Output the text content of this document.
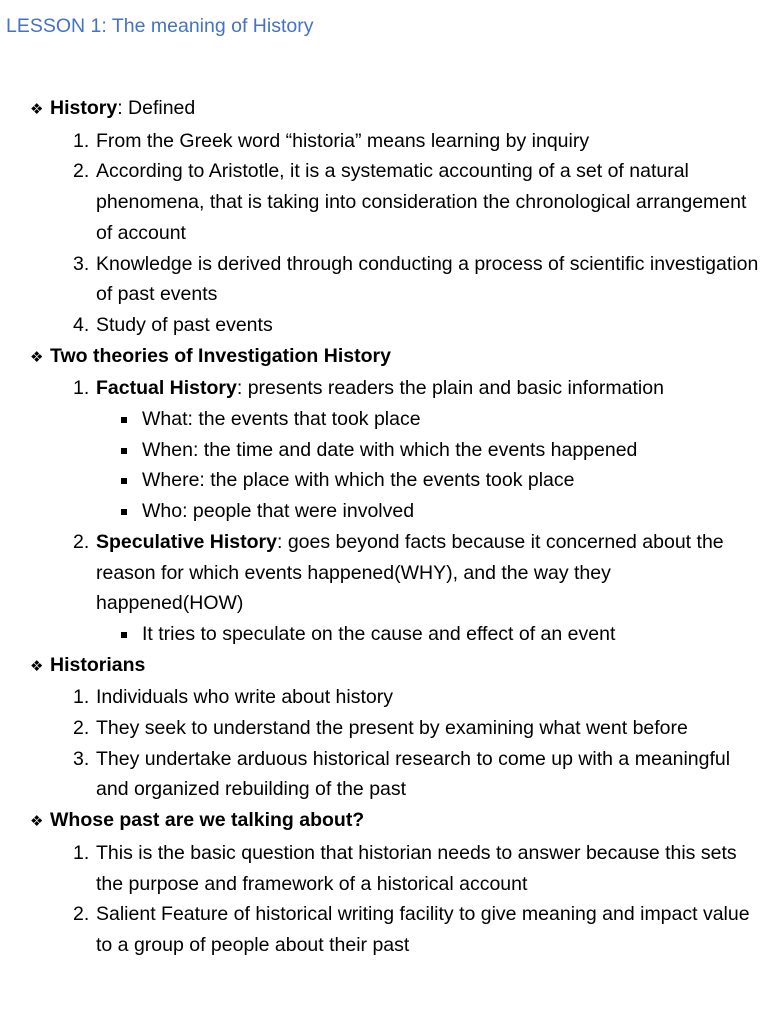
LESSON 1: The meaning of History
❖ History: Defined
1. From the Greek word “historia” means learning by inquiry
2. According to Aristotle, it is a systematic accounting of a set of natural phenomena, that is taking into consideration the chronological arrangement of account
3. Knowledge is derived through conducting a process of scientific investigation of past events
4. Study of past events
❖ Two theories of Investigation History
1. Factual History: presents readers the plain and basic information
What: the events that took place
When: the time and date with which the events happened
Where: the place with which the events took place
Who: people that were involved
2. Speculative History: goes beyond facts because it concerned about the reason for which events happened(WHY), and the way they happened(HOW)
It tries to speculate on the cause and effect of an event
❖ Historians
1. Individuals who write about history
2. They seek to understand the present by examining what went before
3. They undertake arduous historical research to come up with a meaningful and organized rebuilding of the past
❖ Whose past are we talking about?
1. This is the basic question that historian needs to answer because this sets the purpose and framework of a historical account
2. Salient Feature of historical writing facility to give meaning and impact value to a group of people about their past
